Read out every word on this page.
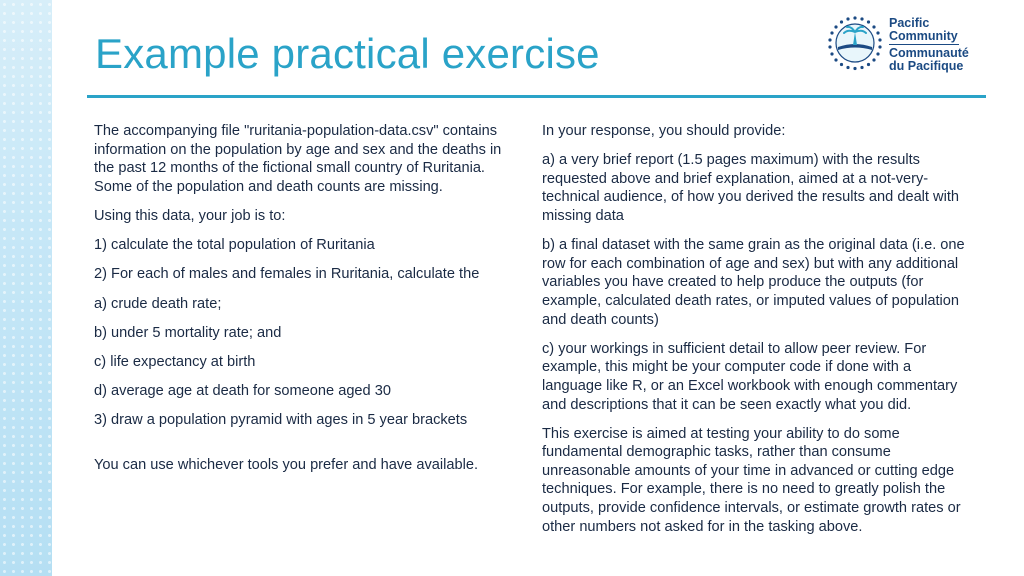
Example practical exercise
Pacific
Community
Communauté
du Pacifique

The accompanying file "ruritania-population-data.csv" contains information on the population by age and sex and the deaths in the past 12 months of the fictional small country of Ruritania. Some of the population and death counts are missing.

Using this data, your job is to:

1) calculate the total population of Ruritania

2) For each of males and females in Ruritania, calculate the

a) crude death rate;

b) under 5 mortality rate; and

c) life expectancy at birth

d) average age at death for someone aged 30

3) draw a population pyramid with ages in 5 year brackets

You can use whichever tools you prefer and have available.

In your response, you should provide:

a) a very brief report (1.5 pages maximum) with the results requested above and brief explanation, aimed at a not-very-technical audience, of how you derived the results and dealt with missing data

b) a final dataset with the same grain as the original data (i.e. one row for each combination of age and sex) but with any additional variables you have created to help produce the outputs (for example, calculated death rates, or imputed values of population and death counts)

c) your workings in sufficient detail to allow peer review. For example, this might be your computer code if done with a language like R, or an Excel workbook with enough commentary and descriptions that it can be seen exactly what you did.

This exercise is aimed at testing your ability to do some fundamental demographic tasks, rather than consume unreasonable amounts of your time in advanced or cutting edge techniques. For example, there is no need to greatly polish the outputs, provide confidence intervals, or estimate growth rates or other numbers not asked for in the tasking above.
